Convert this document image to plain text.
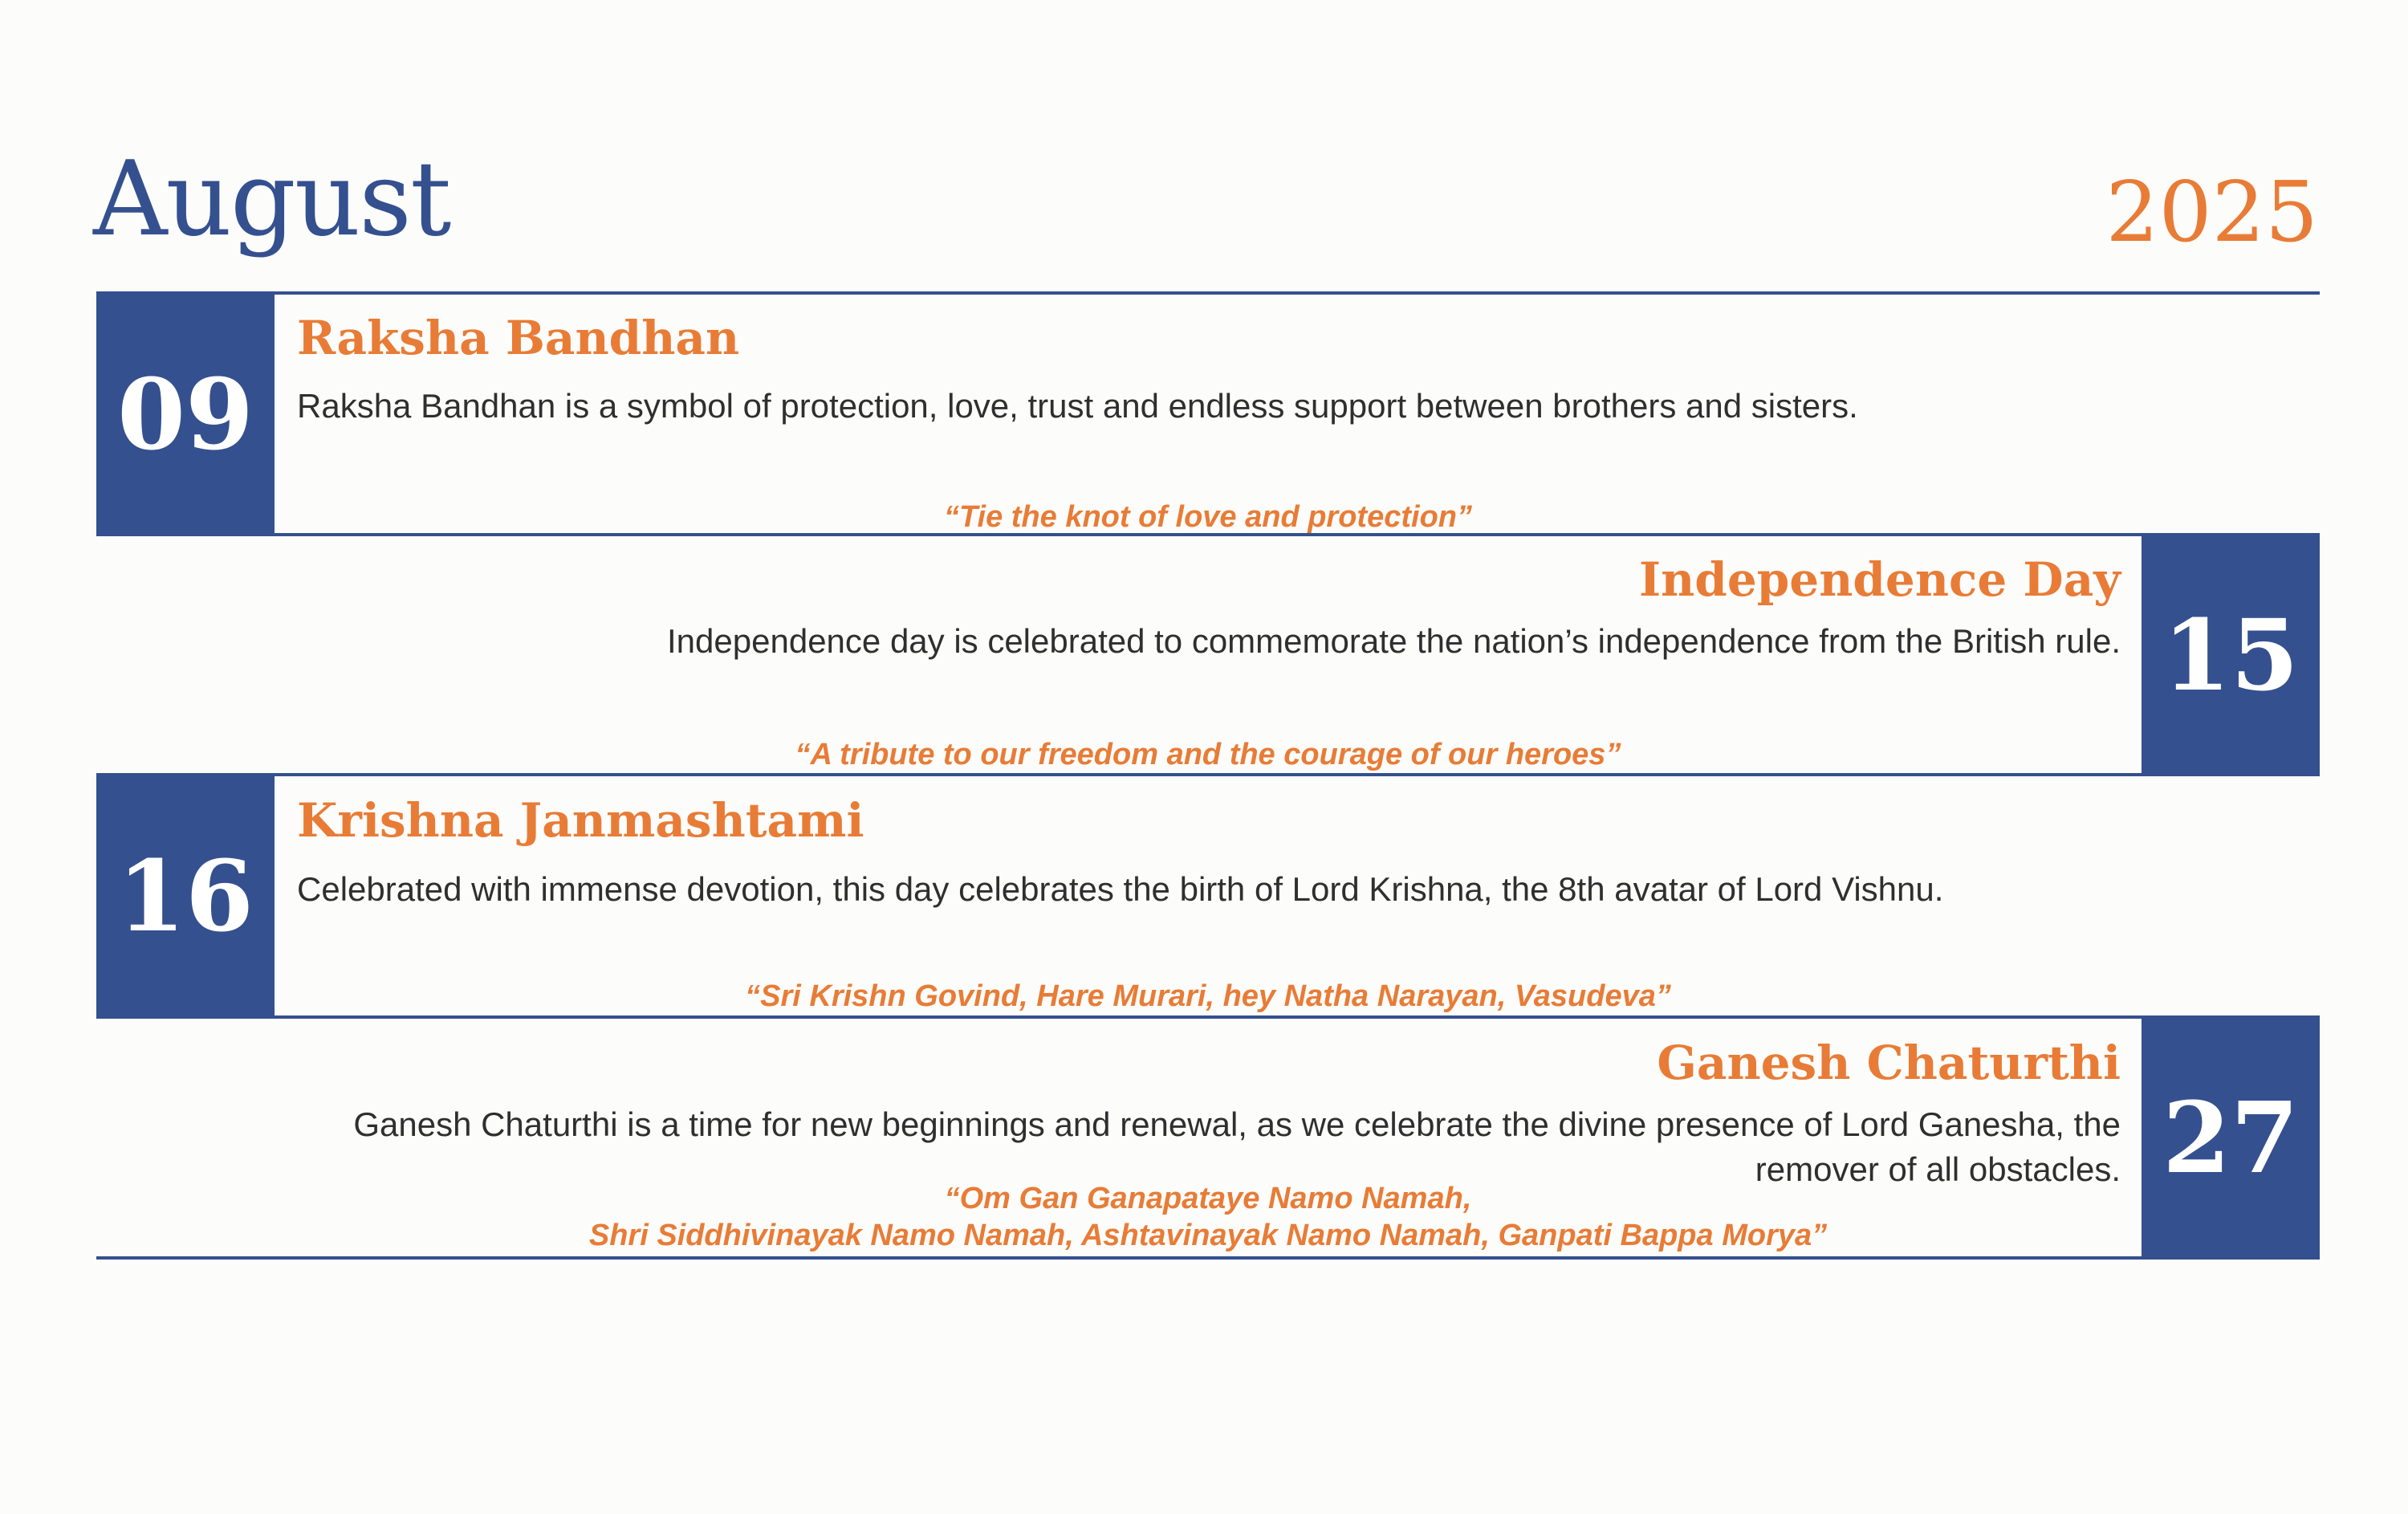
August	2025
09
Raksha Bandhan
Raksha Bandhan is a symbol of protection, love, trust and endless support between brothers and sisters.
“Tie the knot of love and protection”
15
Independence Day
Independence day is celebrated to commemorate the nation’s independence from the British rule.
“A tribute to our freedom and the courage of our heroes”
16
Krishna Janmashtami
Celebrated with immense devotion, this day celebrates the birth of Lord Krishna, the 8th avatar of Lord Vishnu.
“Sri Krishn Govind, Hare Murari, hey Natha Narayan, Vasudeva”
27
Ganesh Chaturthi
Ganesh Chaturthi is a time for new beginnings and renewal, as we celebrate the divine presence of Lord Ganesha, the
remover of all obstacles.
“Om Gan Ganapataye Namo Namah,
Shri Siddhivinayak Namo Namah, Ashtavinayak Namo Namah, Ganpati Bappa Morya”
